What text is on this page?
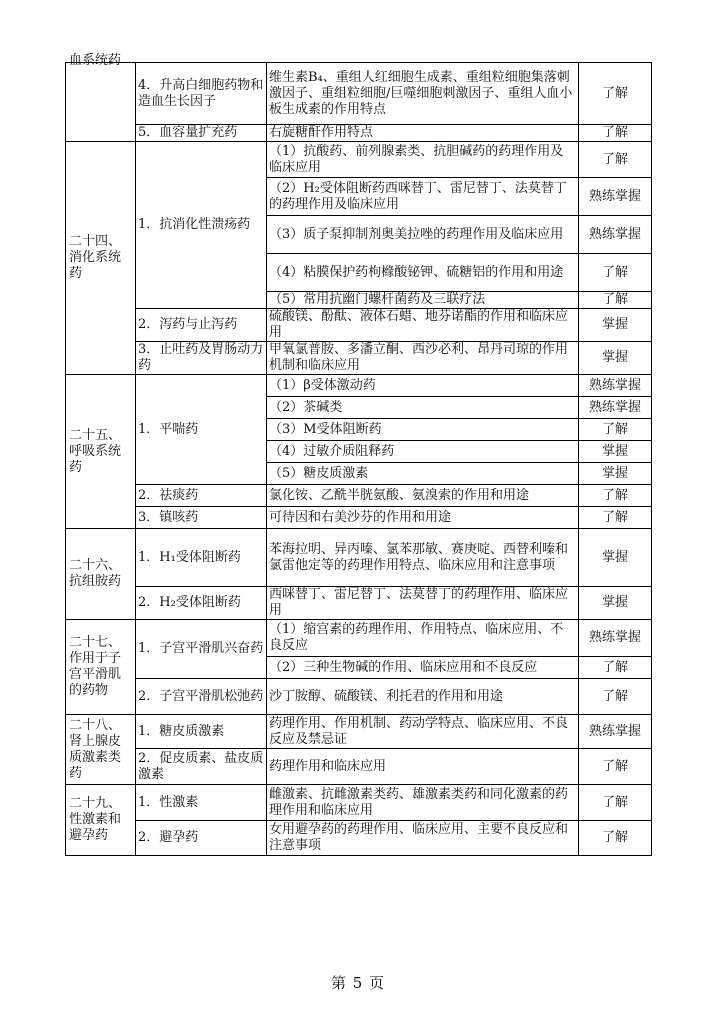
血系统药	4．升高白细胞药物和造血生长因子	维生素B₄、重组人红细胞生成素、重组粒细胞集落刺激因子、重组粒细胞/巨噬细胞刺激因子、重组人血小板生成素的作用特点	了解
	5．血容量扩充药	右旋糖酐作用特点	了解

二十四、消化系统药	1．抗消化性溃疡药	（1）抗酸药、前列腺素类、抗胆碱药的药理作用及临床应用	了解
		（2）H₂受体阻断药西咪替丁、雷尼替丁、法莫替丁的药理作用及临床应用	熟练掌握
		（3）质子泵抑制剂奥美拉唑的药理作用及临床应用	熟练掌握
		（4）粘膜保护药枸橼酸铋钾、硫糖铝的作用和用途	了解
		（5）常用抗幽门螺杆菌药及三联疗法	了解
	2．泻药与止泻药	硫酸镁、酚酞、液体石蜡、地芬诺酯的作用和临床应用	掌握
	3．止吐药及胃肠动力药	甲氧氯普胺、多潘立酮、西沙必利、昂丹司琼的作用机制和临床应用	掌握

二十五、呼吸系统药	1．平喘药	（1）β受体激动药	熟练掌握
		（2）茶碱类	熟练掌握
		（3）M受体阻断药	了解
		（4）过敏介质阻释药	掌握
		（5）糖皮质激素	掌握
	2．祛痰药	氯化铵、乙酰半胱氨酸、氨溴索的作用和用途	了解
	3．镇咳药	可待因和右美沙芬的作用和用途	了解

二十六、抗组胺药	1．H₁受体阻断药	苯海拉明、异丙嗪、氯苯那敏、赛庚啶、西替利嗪和氯雷他定等的药理作用特点、临床应用和注意事项	掌握
	2．H₂受体阻断药	西咪替丁、雷尼替丁、法莫替丁的药理作用、临床应用	掌握

二十七、作用于子宫平滑肌的药物	1．子宫平滑肌兴奋药	（1）缩宫素的药理作用、作用特点、临床应用、不良反应	熟练掌握
		（2）三种生物碱的作用、临床应用和不良反应	了解
	2．子宫平滑肌松弛药	沙丁胺醇、硫酸镁、利托君的作用和用途	了解

二十八、肾上腺皮质激素类药	1．糖皮质激素	药理作用、作用机制、药动学特点、临床应用、不良反应及禁忌证	熟练掌握
	2．促皮质素、盐皮质激素	药理作用和临床应用	了解

二十九、性激素和避孕药	1．性激素	雌激素、抗雌激素类药、雄激素类药和同化激素的药理作用和临床应用	了解
	2．避孕药	女用避孕药的药理作用、临床应用、主要不良反应和注意事项	了解
第 5 页
